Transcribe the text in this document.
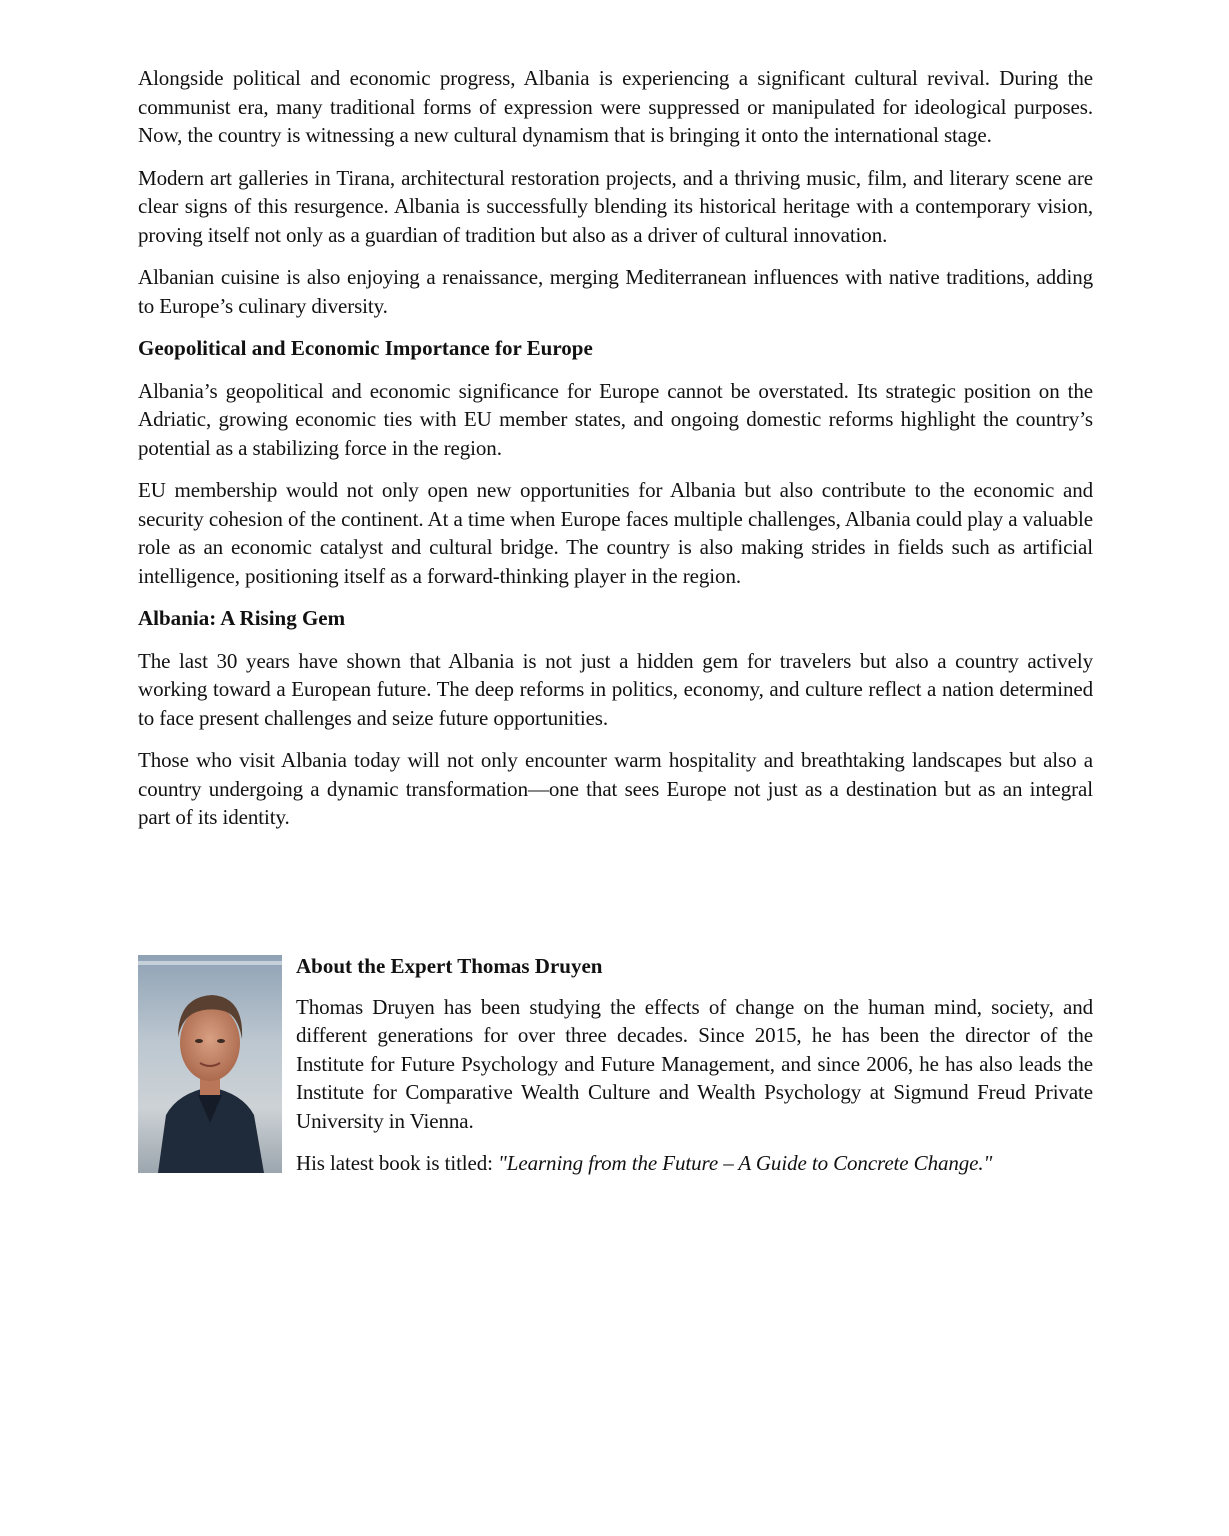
Alongside political and economic progress, Albania is experiencing a significant cultural revival. During the communist era, many traditional forms of expression were suppressed or manipulated for ideological purposes. Now, the country is witnessing a new cultural dynamism that is bringing it onto the international stage.

Modern art galleries in Tirana, architectural restoration projects, and a thriving music, film, and literary scene are clear signs of this resurgence. Albania is successfully blending its historical heritage with a contemporary vision, proving itself not only as a guardian of tradition but also as a driver of cultural innovation.

Albanian cuisine is also enjoying a renaissance, merging Mediterranean influences with native traditions, adding to Europe’s culinary diversity.

Geopolitical and Economic Importance for Europe

Albania’s geopolitical and economic significance for Europe cannot be overstated. Its strategic position on the Adriatic, growing economic ties with EU member states, and ongoing domestic reforms highlight the country’s potential as a stabilizing force in the region.

EU membership would not only open new opportunities for Albania but also contribute to the economic and security cohesion of the continent. At a time when Europe faces multiple challenges, Albania could play a valuable role as an economic catalyst and cultural bridge. The country is also making strides in fields such as artificial intelligence, positioning itself as a forward-thinking player in the region.

Albania: A Rising Gem

The last 30 years have shown that Albania is not just a hidden gem for travelers but also a country actively working toward a European future. The deep reforms in politics, economy, and culture reflect a nation determined to face present challenges and seize future opportunities.

Those who visit Albania today will not only encounter warm hospitality and breathtaking landscapes but also a country undergoing a dynamic transformation—one that sees Europe not just as a destination but as an integral part of its identity.

About the Expert Thomas Druyen

Thomas Druyen has been studying the effects of change on the human mind, society, and different generations for over three decades. Since 2015, he has been the director of the Institute for Future Psychology and Future Management, and since 2006, he has also leads the Institute for Comparative Wealth Culture and Wealth Psychology at Sigmund Freud Private University in Vienna.

His latest book is titled: "Learning from the Future – A Guide to Concrete Change."
